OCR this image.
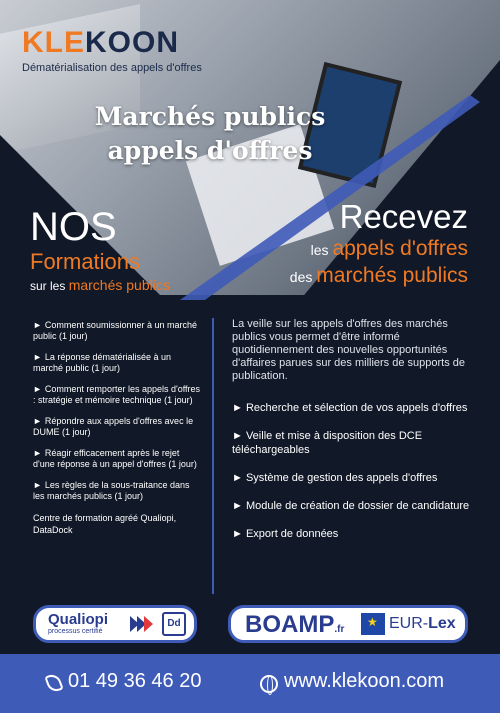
KLEKOON
Dématérialisation des appels d'offres
Marchés publics
appels d'offres
NOS
Formations
sur les marchés publics
Recevez
les appels d'offres
des marchés publics
► Comment soumissionner à un marché public (1 jour)
► La réponse dématérialisée à un marché public (1 jour)
► Comment remporter les appels d'offres : stratégie et mémoire technique (1 jour)
► Répondre aux appels d'offres avec le DUME (1 jour)
► Réagir efficacement après le rejet d'une réponse à un appel d'offres (1 jour)
► Les règles de la sous-traitance dans les marchés publics (1 jour)
Centre de formation agréé Qualiopi, DataDock
La veille sur les appels d'offres des marchés publics vous permet d'être informé quotidiennement des nouvelles opportunités d'affaires parues sur des milliers de supports de publication.
► Recherche et sélection de vos appels d'offres
► Veille et mise à disposition des DCE téléchargeables
► Système de gestion des appels d'offres
► Module de création de dossier de candidature
► Export de données
Qualiopi
processus certifié
Dd	BOAMP.fr
★	EUR-Lex
01 49 36 46 20	www.klekoon.com
